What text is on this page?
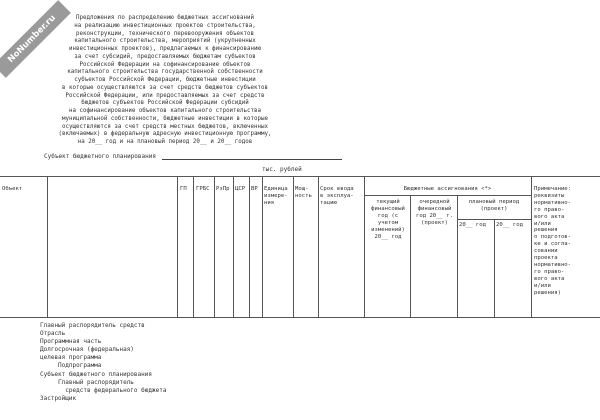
NoNumber.ru	Предложения по распределению бюджетных ассигнований
на реализацию инвестиционных проектов строительства,
реконструкции, технического перевооружения объектов
капитального строительства, мероприятий (укрупненных
инвестиционных проектов), предлагаемых к финансированию
за счет субсидий, предоставляемых бюджетам субъектов
Российской Федерации на софинансирование объектов
капитального строительства государственной собственности
субъектов Российской Федерации, бюджетные инвестиции
в которые осуществляются за счет средств бюджетов субъектов
Российской Федерации, или предоставляемых за счет средств
бюджетов субъектов Российской Федерации субсидий
на софинансирование объектов капитального строительства
муниципальной собственности, бюджетные инвестиции в которые
осуществляются за счет средств местных бюджетов, включенных
(включаемых) в федеральную адресную инвестиционную программу,
на 20__ год и на плановый период 20__ и 20__ годов
Субъект бюджетного планирования
тыс. рублей
Объект	ГП ГРБС РзПр ЦСР ВР Единица
измере-
ния
Мощ-
ность
Срок ввода
в эксплуа-
тацию
Бюджетные ассигнования <*>
текущий
финансовый
год (с
учетом
изменений)
20__ год
очередной
финансовый
год 20__ г.
(проект)
плановый период
(проект)
20__ год 20__ год
Примечание:
реквизиты
нормативно-
го право-
вого акта
и/или
решения
о подготов-
ке и согла-
совании
проекта
нормативно-
го право-
вого акта
и/или
решения)
Главный распорядитель средств
Отрасль
Программная часть
Долгосрочная (федеральная)
целевая программа
Подпрограмма
Субъект бюджетного планирования
Главный распорядитель
средств федерального бюджета
Застройщик
